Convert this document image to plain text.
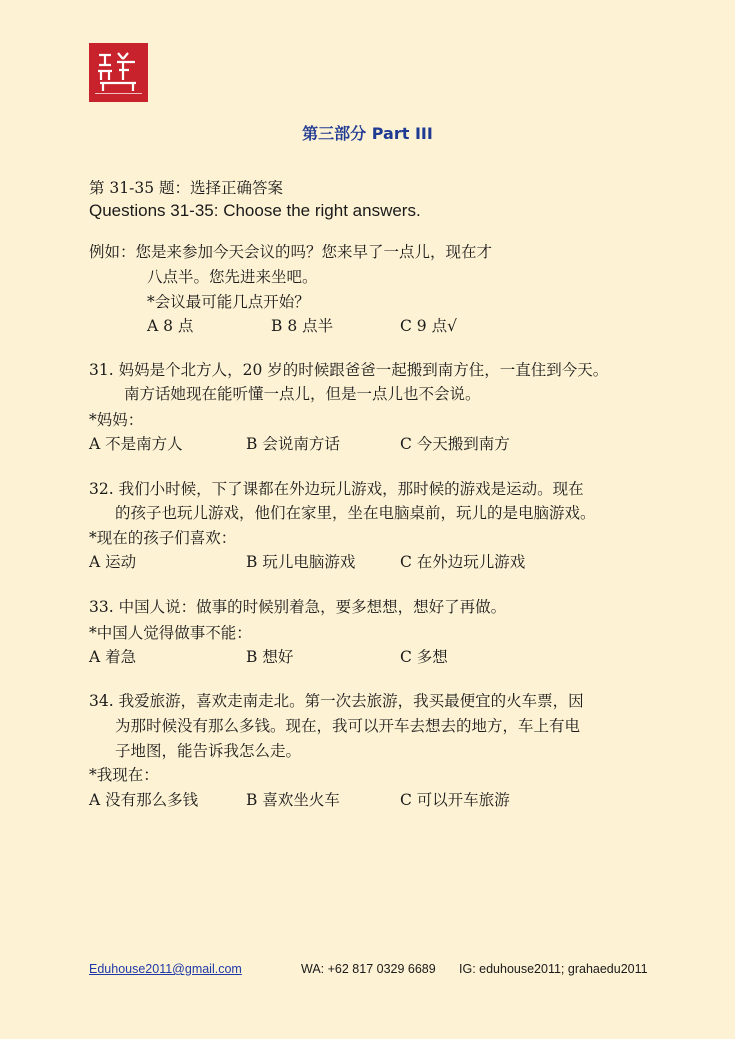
第三部分 Part III
第 31-35 题：选择正确答案
Questions 31-35: Choose the right answers.
例如：您是来参加今天会议的吗？您来早了一点儿，现在才
八点半。您先进来坐吧。
*会议最可能几点开始？
A 8 点	B 8 点半	C 9 点√
31. 妈妈是个北方人，20 岁的时候跟爸爸一起搬到南方住，一直住到今天。
南方话她现在能听懂一点儿，但是一点儿也不会说。
*妈妈：
A 不是南方人	B 会说南方话	C 今天搬到南方
32. 我们小时候，下了课都在外边玩儿游戏，那时候的游戏是运动。现在
的孩子也玩儿游戏，他们在家里，坐在电脑桌前，玩儿的是电脑游戏。
*现在的孩子们喜欢：
A 运动	B 玩儿电脑游戏	C 在外边玩儿游戏
33. 中国人说：做事的时候别着急，要多想想，想好了再做。
*中国人觉得做事不能：
A 着急	B 想好	C 多想
34. 我爱旅游，喜欢走南走北。第一次去旅游，我买最便宜的火车票，因
为那时候没有那么多钱。现在，我可以开车去想去的地方，车上有电
子地图，能告诉我怎么走。
*我现在：
A 没有那么多钱	B 喜欢坐火车	C 可以开车旅游
Eduhouse2011@gmail.com	WA: +62 817 0329 6689 IG: eduhouse2011; grahaedu2011
